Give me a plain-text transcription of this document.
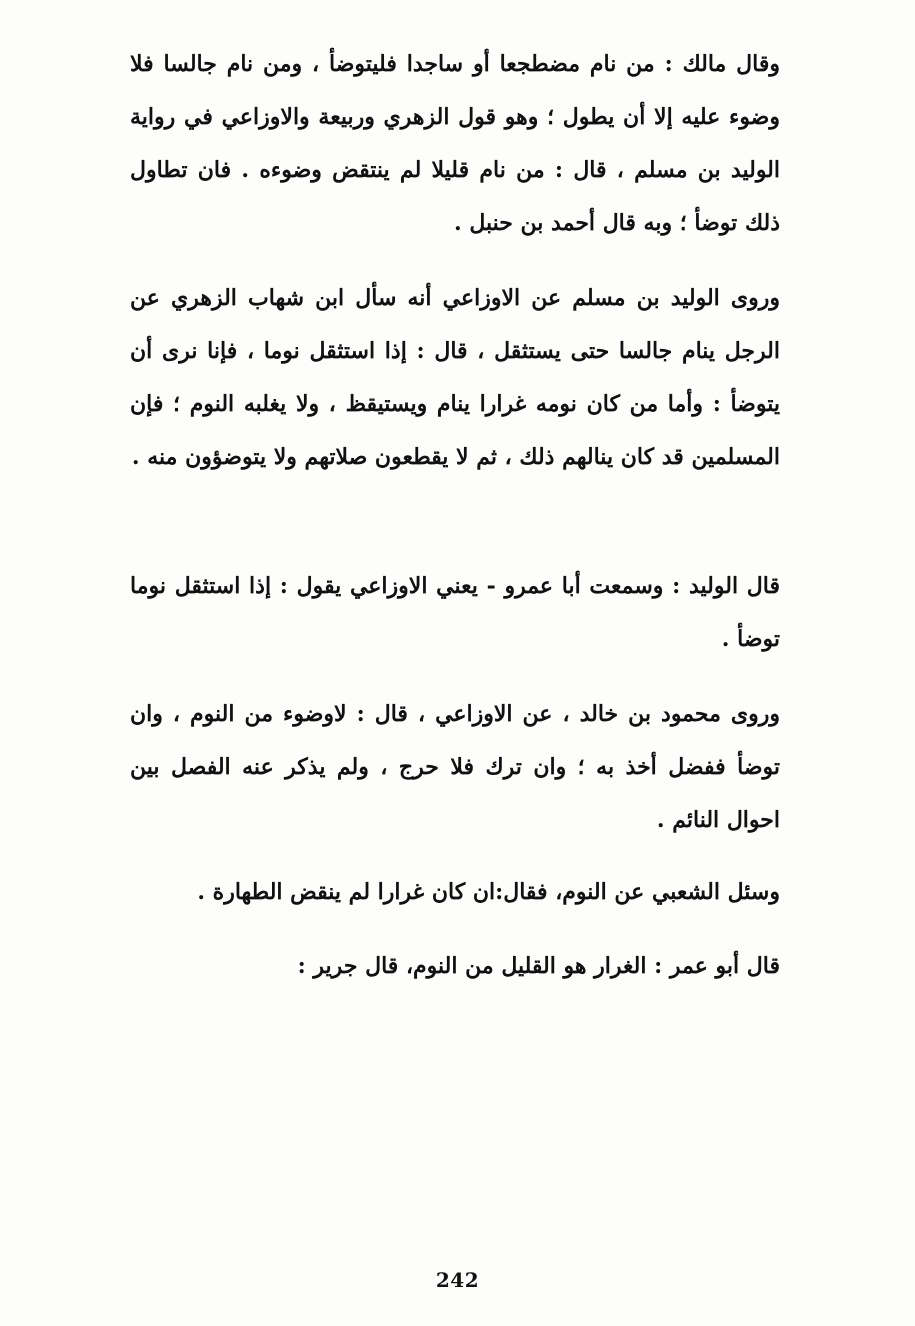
وقال مالك : من نام مضطجعا أو ساجدا فليتوضأ ، ومن نام جالسا فلا وضوء عليه إلا أن يطول ؛ وهو قول الزهري وربيعة والاوزاعي في رواية الوليد بن مسلم ، قال : من نام قليلا لم ينتقض وضوءه . فان تطاول ذلك توضأ ؛ وبه قال أحمد بن حنبل .

وروى الوليد بن مسلم عن الاوزاعي أنه سأل ابن شهاب الزهري عن الرجل ينام جالسا حتى يستثقل ، قال : إذا استثقل نوما ، فإنا نرى أن يتوضأ : وأما من كان نومه غرارا ينام ويستيقظ ، ولا يغلبه النوم ؛ فإن المسلمين قد كان ينالهم ذلك ، ثم لا يقطعون صلاتهم ولا يتوضؤون منه .

قال الوليد : وسمعت أبا عمرو - يعني الاوزاعي يقول : إذا استثقل نوما توضأ .

وروى محمود بن خالد ، عن الاوزاعي ، قال : لاوضوء من النوم ، وان توضأ ففضل أخذ به ؛ وان ترك فلا حرج ، ولم يذكر عنه الفصل بين احوال النائم .

وسئل الشعبي عن النوم، فقال:ان كان غرارا لم ينقض الطهارة .

قال أبو عمر : الغرار هو القليل من النوم، قال جرير :

242
